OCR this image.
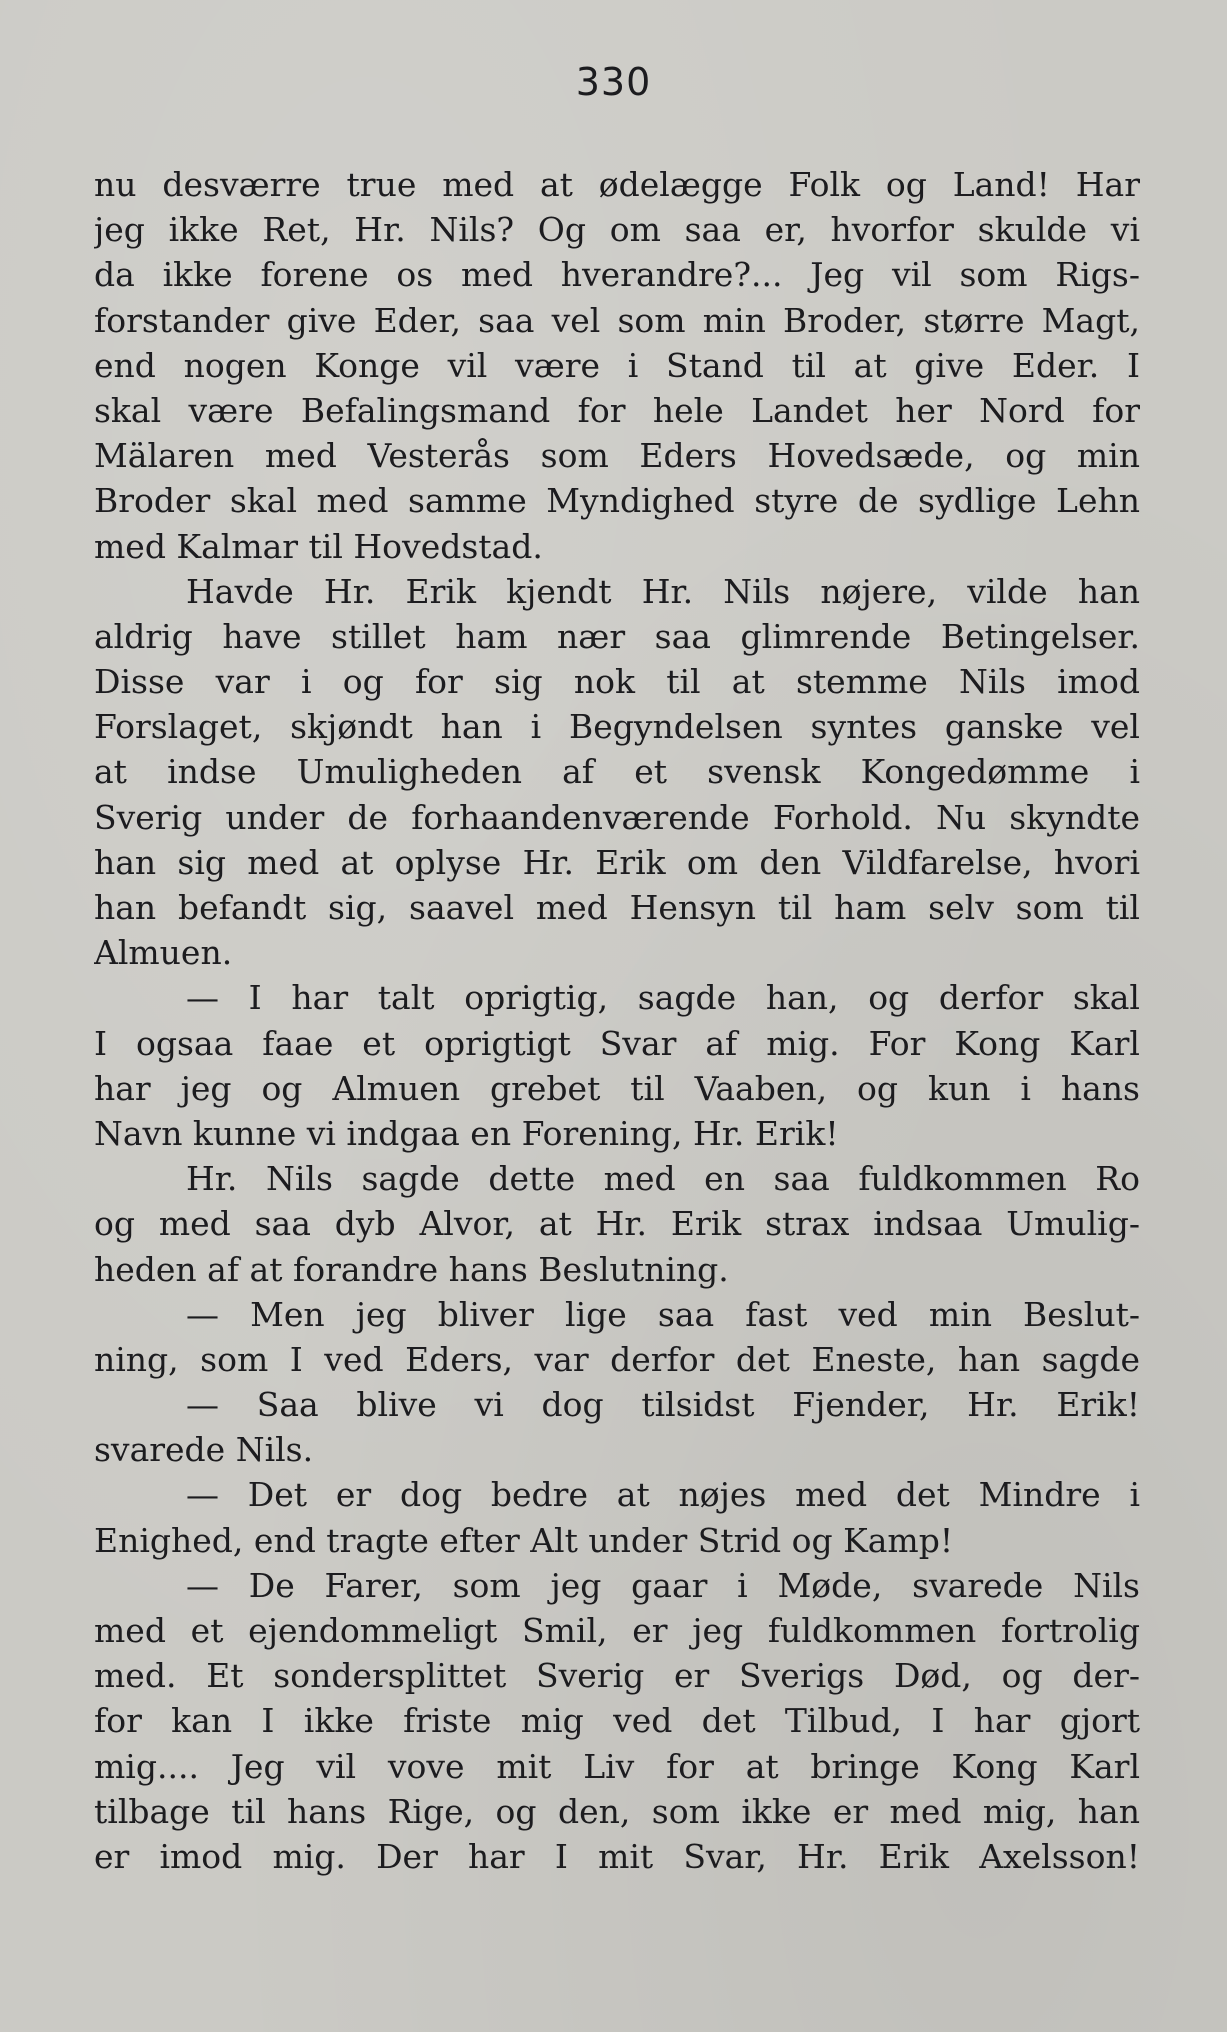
330
nu desværre true med at ødelægge Folk og Land! Har
jeg ikke Ret, Hr. Nils? Og om saa er, hvorfor skulde vi
da ikke forene os med hverandre?... Jeg vil som Rigs-
forstander give Eder, saa vel som min Broder, større Magt,
end nogen Konge vil være i Stand til at give Eder. I
skal være Befalingsmand for hele Landet her Nord for
Mälaren med Vesterås som Eders Hovedsæde, og min
Broder skal med samme Myndighed styre de sydlige Lehn
med Kalmar til Hovedstad.
Havde Hr. Erik kjendt Hr. Nils nøjere, vilde han
aldrig have stillet ham nær saa glimrende Betingelser.
Disse var i og for sig nok til at stemme Nils imod
Forslaget, skjøndt han i Begyndelsen syntes ganske vel
at indse Umuligheden af et svensk Kongedømme i
Sverig under de forhaandenværende Forhold. Nu skyndte
han sig med at oplyse Hr. Erik om den Vildfarelse, hvori
han befandt sig, saavel med Hensyn til ham selv som til
Almuen.
— I har talt oprigtig, sagde han, og derfor skal
I ogsaa faae et oprigtigt Svar af mig. For Kong Karl
har jeg og Almuen grebet til Vaaben, og kun i hans
Navn kunne vi indgaa en Forening, Hr. Erik!
Hr. Nils sagde dette med en saa fuldkommen Ro
og med saa dyb Alvor, at Hr. Erik strax indsaa Umulig-
heden af at forandre hans Beslutning.
— Men jeg bliver lige saa fast ved min Beslut-
ning, som I ved Eders, var derfor det Eneste, han sagde
— Saa blive vi dog tilsidst Fjender, Hr. Erik!
svarede Nils.
— Det er dog bedre at nøjes med det Mindre i
Enighed, end tragte efter Alt under Strid og Kamp!
— De Farer, som jeg gaar i Møde, svarede Nils
med et ejendommeligt Smil, er jeg fuldkommen fortrolig
med. Et sondersplittet Sverig er Sverigs Død, og der-
for kan I ikke friste mig ved det Tilbud, I har gjort
mig.... Jeg vil vove mit Liv for at bringe Kong Karl
tilbage til hans Rige, og den, som ikke er med mig, han
er imod mig. Der har I mit Svar, Hr. Erik Axelsson!
